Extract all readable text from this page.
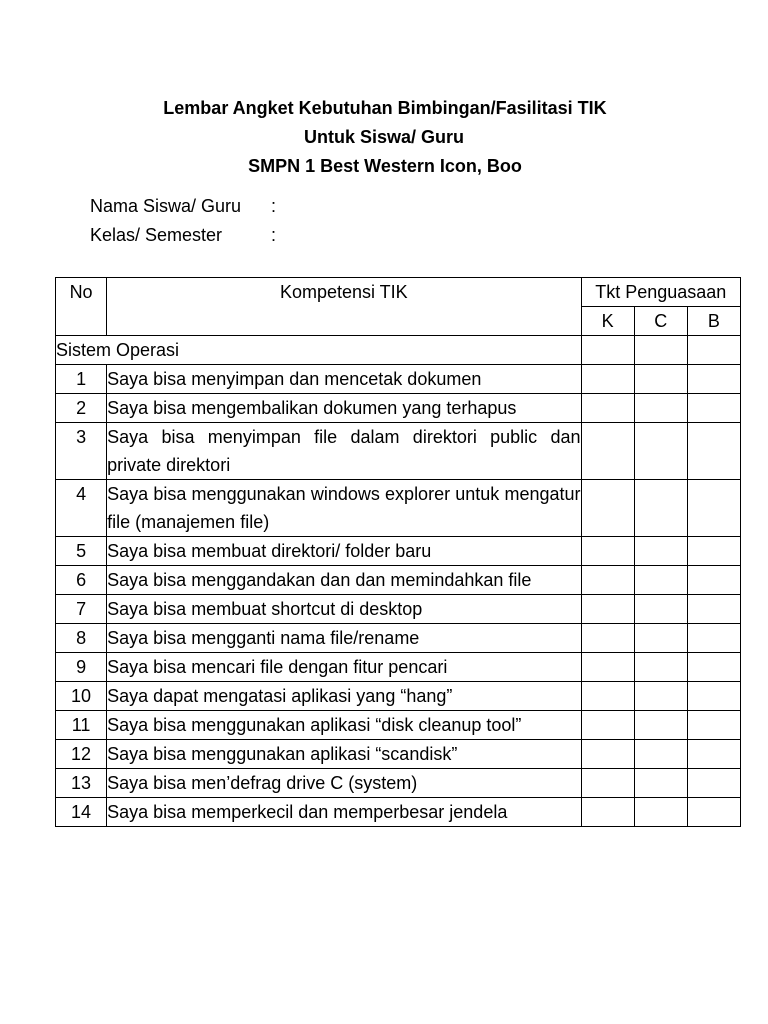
Lembar Angket Kebutuhan Bimbingan/Fasilitasi TIK
Untuk Siswa/ Guru
SMPN 1 Best Western Icon, Boo
Nama Siswa/ Guru :
Kelas/ Semester	:
No	Kompetensi TIK	Tkt Penguasaan		
		K	C	B
Sistem Operasi				
1	Saya bisa menyimpan dan mencetak dokumen			
2	Saya bisa mengembalikan dokumen yang terhapus			
3	Saya bisa menyimpan file dalam direktori public dan private direktori			
4	Saya bisa menggunakan windows explorer untuk mengatur file (manajemen file)			
5	Saya bisa membuat direktori/ folder baru			
6	Saya bisa menggandakan dan dan memindahkan file			
7	Saya bisa membuat shortcut di desktop			
8	Saya bisa mengganti nama file/rename			
9	Saya bisa mencari file dengan fitur pencari			
10	Saya dapat mengatasi aplikasi yang “hang”			
11	Saya bisa menggunakan aplikasi “disk cleanup tool”			
12	Saya bisa menggunakan aplikasi “scandisk”			
13	Saya bisa men’defrag drive C (system)			
14	Saya bisa memperkecil dan memperbesar jendela			
